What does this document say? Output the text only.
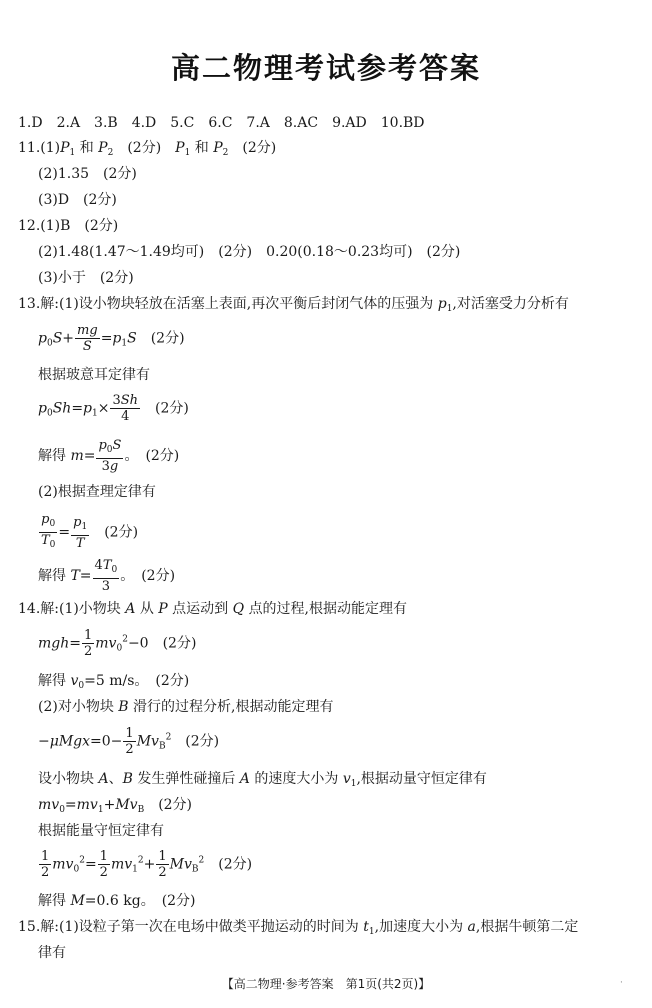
高二物理考试参考答案
1.D　2.A　3.B　4.D　5.C　6.C　7.A　8.AC　9.AD　10.BD
$11.(1)P_1$ 和 $P_2$　 (2分)　 $P_1$ 和 $P_2$　 (2分)
(2)1.35　(2分)
(3)D　(2分)
12.(1)B　(2分)
(2)1.48(1.47～1.49均可)　(2分)　0.20(0.18～0.23均可)　(2分)
(3)小于　(2分)
13.解:(1)设小物块轻放在活塞上表面,再次平衡后封闭气体的压强为 $p_1$,对活塞受力分析有
$p_0S+ \frac{mg}{S} =p_1S$　 (2分)
根据玻意耳定律有
$p_0Sh=p_1\times \frac{3Sh}{4}$
　 (2分)
解得 $m= \frac{p_0S}{3g}$ 。　 (2分)
(2)根据查理定律有
$\frac{p_0}{T_0} = \frac{p_1}{T}$
　 (2分)
解得 $T= \frac{4T_0}{3}$ 。　 (2分)
14.解:(1)小物块 A 从 P 点运动到 Q 点的过程,根据动能定理有
$mgh= \frac{1}{2} mv_0^2-0$　(2分)
解得 $v_0=5$ m/s。　 (2分)
(2)对小物块 B 滑行的过程分析,根据动能定理有
$-\mu Mgx=0- \frac{1}{2} Mv_B^2$　 (2分)
设小物块 A、B 发生弹性碰撞后 A 的速度大小为 $v_1$,根据动量守恒定律有
$mv_0=mv_1+Mv_B$　 (2分)
根据能量守恒定律有
$\frac{1}{2} mv_0^2= \frac{1}{2} mv_1^2+ \frac{1}{2} Mv_B^2$　 (2分)
解得 M=0.6 kg。　 (2分)
15.解:(1)设粒子第一次在电场中做类平抛运动的时间为 $t_1$,加速度大小为 a,根据牛顿第二定
律有
【高二物理·参考答案　第1页(共2页)】	·
